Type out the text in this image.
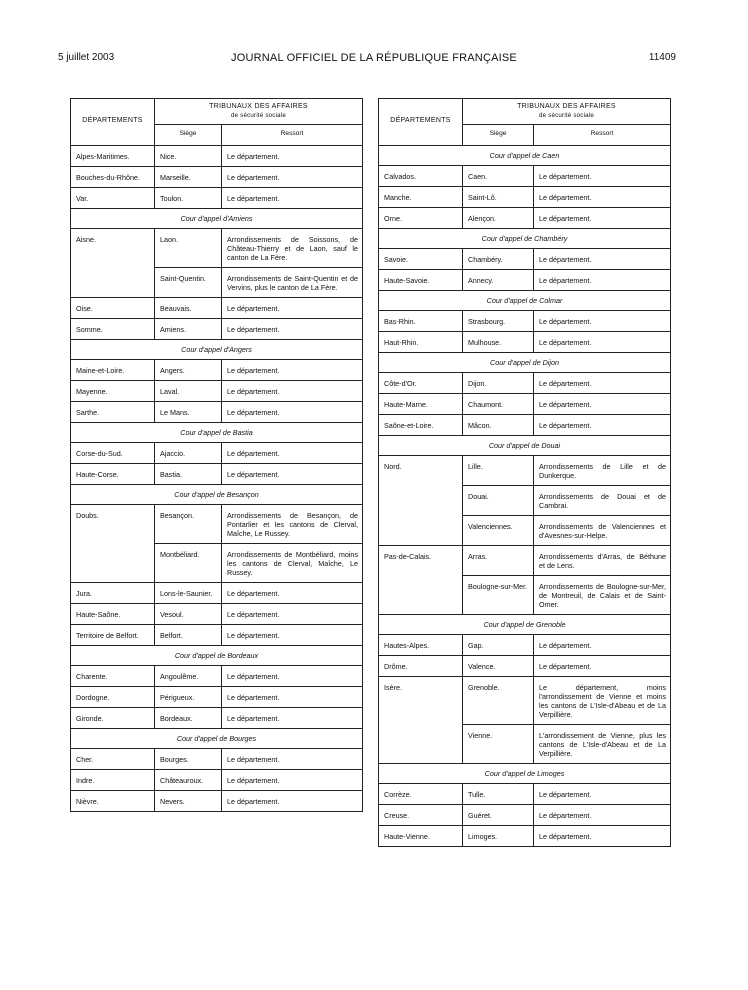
5 juillet 2003	JOURNAL OFFICIEL DE LA RÉPUBLIQUE FRANÇAISE	11409
DÉPARTEMENTS	TRIBUNAUX DES AFFAIRES
de sécurité sociale	

	Siège	Ressort
Alpes-Maritimes.	Nice.	Le département.
Bouches-du-Rhône.	Marseille.	Le département.
Var.	Toulon.	Le département.
Cour d'appel d'Amiens		
Aisne.	Laon.	Arrondissements de Soissons, de Château-Thierry et de Laon, sauf le canton de La Fère.
	Saint-Quentin.	Arrondissements de Saint-Quentin et de Vervins, plus le canton de La Fère.
Oise.	Beauvais.	Le département.
Somme.	Amiens.	Le département.
Cour d'appel d'Angers		
Maine-et-Loire.	Angers.	Le département.
Mayenne.	Laval.	Le département.
Sarthe.	Le Mans.	Le département.
Cour d'appel de Bastia		
Corse-du-Sud.	Ajaccio.	Le département.
Haute-Corse.	Bastia.	Le département.
Cour d'appel de Besançon		
Doubs.	Besançon.	Arrondissements de Besançon, de Pontarlier et les cantons de Clerval, Maîche, Le Russey.
	Montbéliard.	Arrondissements de Montbéliard, moins les cantons de Clerval, Maîche, Le Russey.
Jura.	Lons-le-Saunier.	Le département.
Haute-Saône.	Vesoul.	Le département.
Territoire de Belfort.	Belfort.	Le département.
Cour d'appel de Bordeaux		
Charente.	Angoulême.	Le département.
Dordogne.	Périgueux.	Le département.
Gironde.	Bordeaux.	Le département.
Cour d'appel de Bourges		
Cher.	Bourges.	Le département.
Indre.	Châteauroux.	Le département.
Nièvre.	Nevers.	Le département.
DÉPARTEMENTS	TRIBUNAUX DES AFFAIRES
de sécurité sociale	

	Siège	Ressort
Cour d'appel de Caen		
Calvados.	Caen.	Le département.
Manche.	Saint-Lô.	Le département.
Orne.	Alençon.	Le département.
Cour d'appel de Chambéry		
Savoie.	Chambéry.	Le département.
Haute-Savoie.	Annecy.	Le département.
Cour d'appel de Colmar		
Bas-Rhin.	Strasbourg.	Le département.
Haut-Rhin.	Mulhouse.	Le département.
Cour d'appel de Dijon		
Côte-d'Or.	Dijon.	Le département.
Haute-Marne.	Chaumont.	Le département.
Saône-et-Loire.	Mâcon.	Le département.
Cour d'appel de Douai		
Nord.	Lille.	Arrondissements de Lille et de Dunkerque.
	Douai.	Arrondissements de Douai et de Cambrai.
	Valenciennes.	Arrondissements de Valenciennes et d'Avesnes-sur-Helpe.
Pas-de-Calais.	Arras.	Arrondissements d'Arras, de Béthune et de Lens.
	Boulogne-sur-Mer.	Arrondissements de Boulogne-sur-Mer, de Montreuil, de Calais et de Saint-Omer.
Cour d'appel de Grenoble		
Hautes-Alpes.	Gap.	Le département.
Drôme.	Valence.	Le département.
Isère.	Grenoble.	Le département, moins l'arrondissement de Vienne et moins les cantons de L'Isle-d'Abeau et de La Verpillière.
	Vienne.	L'arrondissement de Vienne, plus les cantons de L'Isle-d'Abeau et de La Verpillière.
Cour d'appel de Limoges		
Corrèze.	Tulle.	Le département.
Creuse.	Guéret.	Le département.
Haute-Vienne.	Limoges.	Le département.
